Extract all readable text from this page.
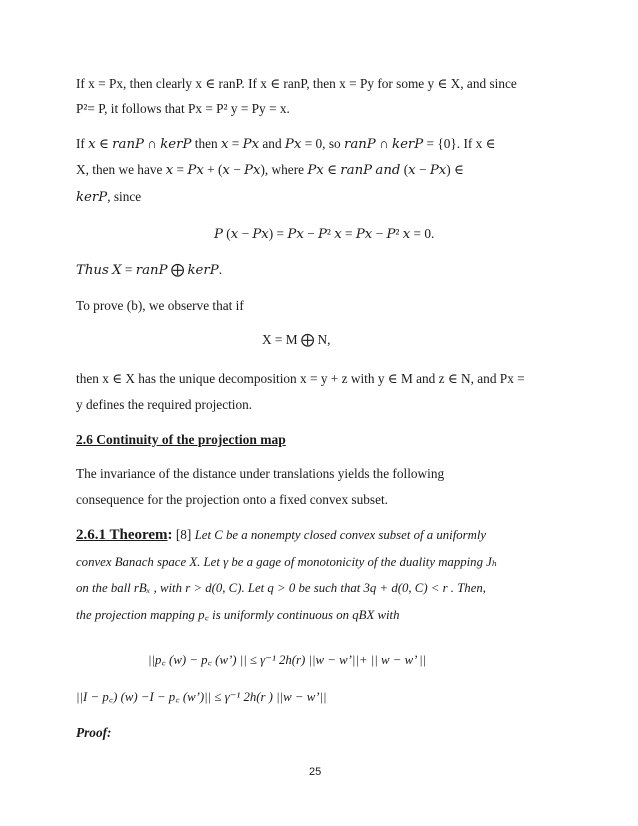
If x = Px, then clearly x ∈ ranP. If x ∈ ranP, then x = Py for some y ∈ X, and since
P²= P, it follows that Px = P² y = Py = x.
If 𝑥 ∈ 𝑟𝑎𝑛𝑃 ∩ 𝑘𝑒𝑟𝑃 then 𝑥 = 𝑃𝑥 and 𝑃𝑥 = 0, so 𝑟𝑎𝑛𝑃 ∩ 𝑘𝑒𝑟𝑃 = {0}. If x ∈
X, then we have 𝑥 = 𝑃𝑥 + (𝑥 − 𝑃𝑥), where 𝑃𝑥 ∈ 𝑟𝑎𝑛𝑃 𝑎𝑛𝑑 (𝑥 − 𝑃𝑥) ∈
𝑘𝑒𝑟𝑃, since
𝑃 (𝑥 − 𝑃𝑥) = 𝑃𝑥 − 𝑃² 𝑥 = 𝑃𝑥 − 𝑃² 𝑥 = 0.
𝑇ℎ𝑢𝑠 𝑋 = 𝑟𝑎𝑛𝑃 ⨁ 𝑘𝑒𝑟𝑃.
To prove (b), we observe that if
X = M ⨁ N,
then x ∈ X has the unique decomposition x = y + z with y ∈ M and z ∈ N, and Px =
y defines the required projection.
2.6 Continuity of the projection map
The invariance of the distance under translations yields the following
consequence for the projection onto a fixed convex subset.
2.6.1 Theorem: [8] Let C be a nonempty closed convex subset of a uniformly
convex Banach space X. Let γ be a gage of monotonicity of the duality mapping Jₕ
on the ball rBₓ , with r > d(0, C). Let q > 0 be such that 3q + d(0, C) < r . Then,
the projection mapping p꜀ is uniformly continuous on qBX with
||p꜀ (w) − p꜀ (w’) || ≤ γ⁻¹ 2h(r) ||w − w’||+ || w − w’ ||
||I − p꜀) (w) −I − p꜀ (w’)|| ≤ γ⁻¹ 2h(r ) ||w − w’||
Proof:
25
